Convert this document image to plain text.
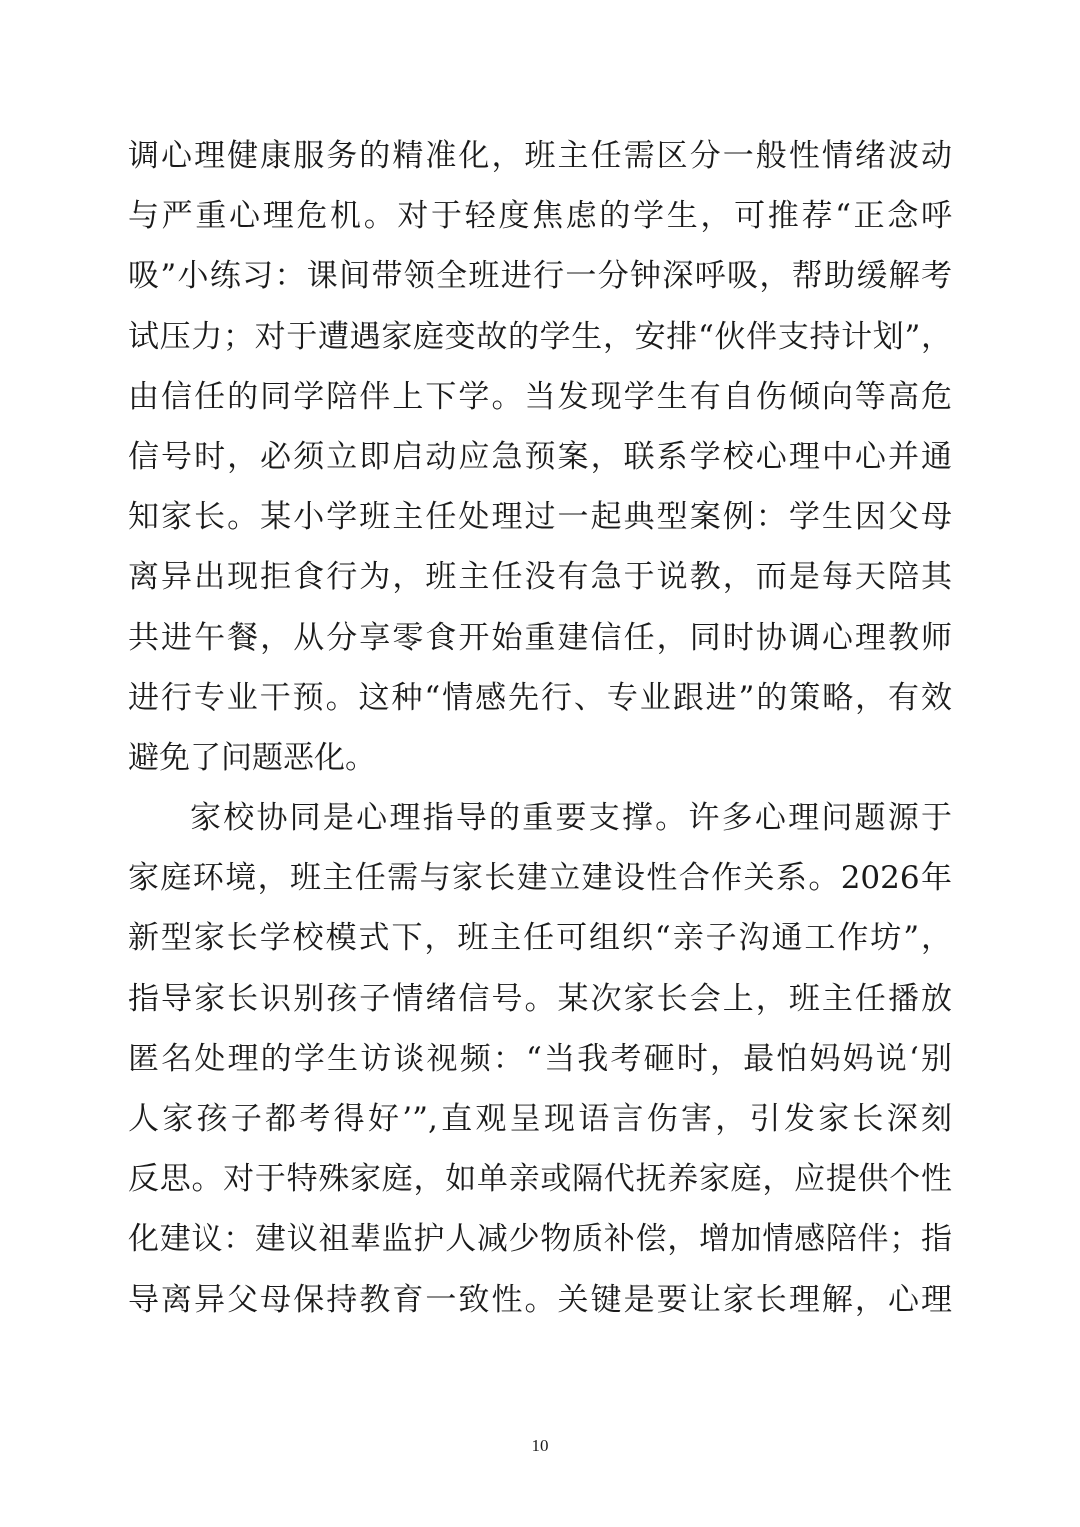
调心理健康服务的精准化，班主任需区分一般性情绪波动
与严重心理危机。对于轻度焦虑的学生，可推荐“正念呼
吸”小练习：课间带领全班进行一分钟深呼吸，帮助缓解考
试压力；对于遭遇家庭变故的学生，安排“伙伴支持计划”，
由信任的同学陪伴上下学。当发现学生有自伤倾向等高危
信号时，必须立即启动应急预案，联系学校心理中心并通
知家长。某小学班主任处理过一起典型案例：学生因父母
离异出现拒食行为，班主任没有急于说教，而是每天陪其
共进午餐，从分享零食开始重建信任，同时协调心理教师
进行专业干预。这种“情感先行、专业跟进”的策略，有效
避免了问题恶化。
家校协同是心理指导的重要支撑。许多心理问题源于
家庭环境，班主任需与家长建立建设性合作关系。2026年
新型家长学校模式下，班主任可组织“亲子沟通工作坊”，
指导家长识别孩子情绪信号。某次家长会上，班主任播放
匿名处理的学生访谈视频：“当我考砸时，最怕妈妈说‘别
人家孩子都考得好’”,直观呈现语言伤害，引发家长深刻
反思。对于特殊家庭，如单亲或隔代抚养家庭，应提供个性
化建议：建议祖辈监护人减少物质补偿，增加情感陪伴；指
导离异父母保持教育一致性。关键是要让家长理解，心理
10
